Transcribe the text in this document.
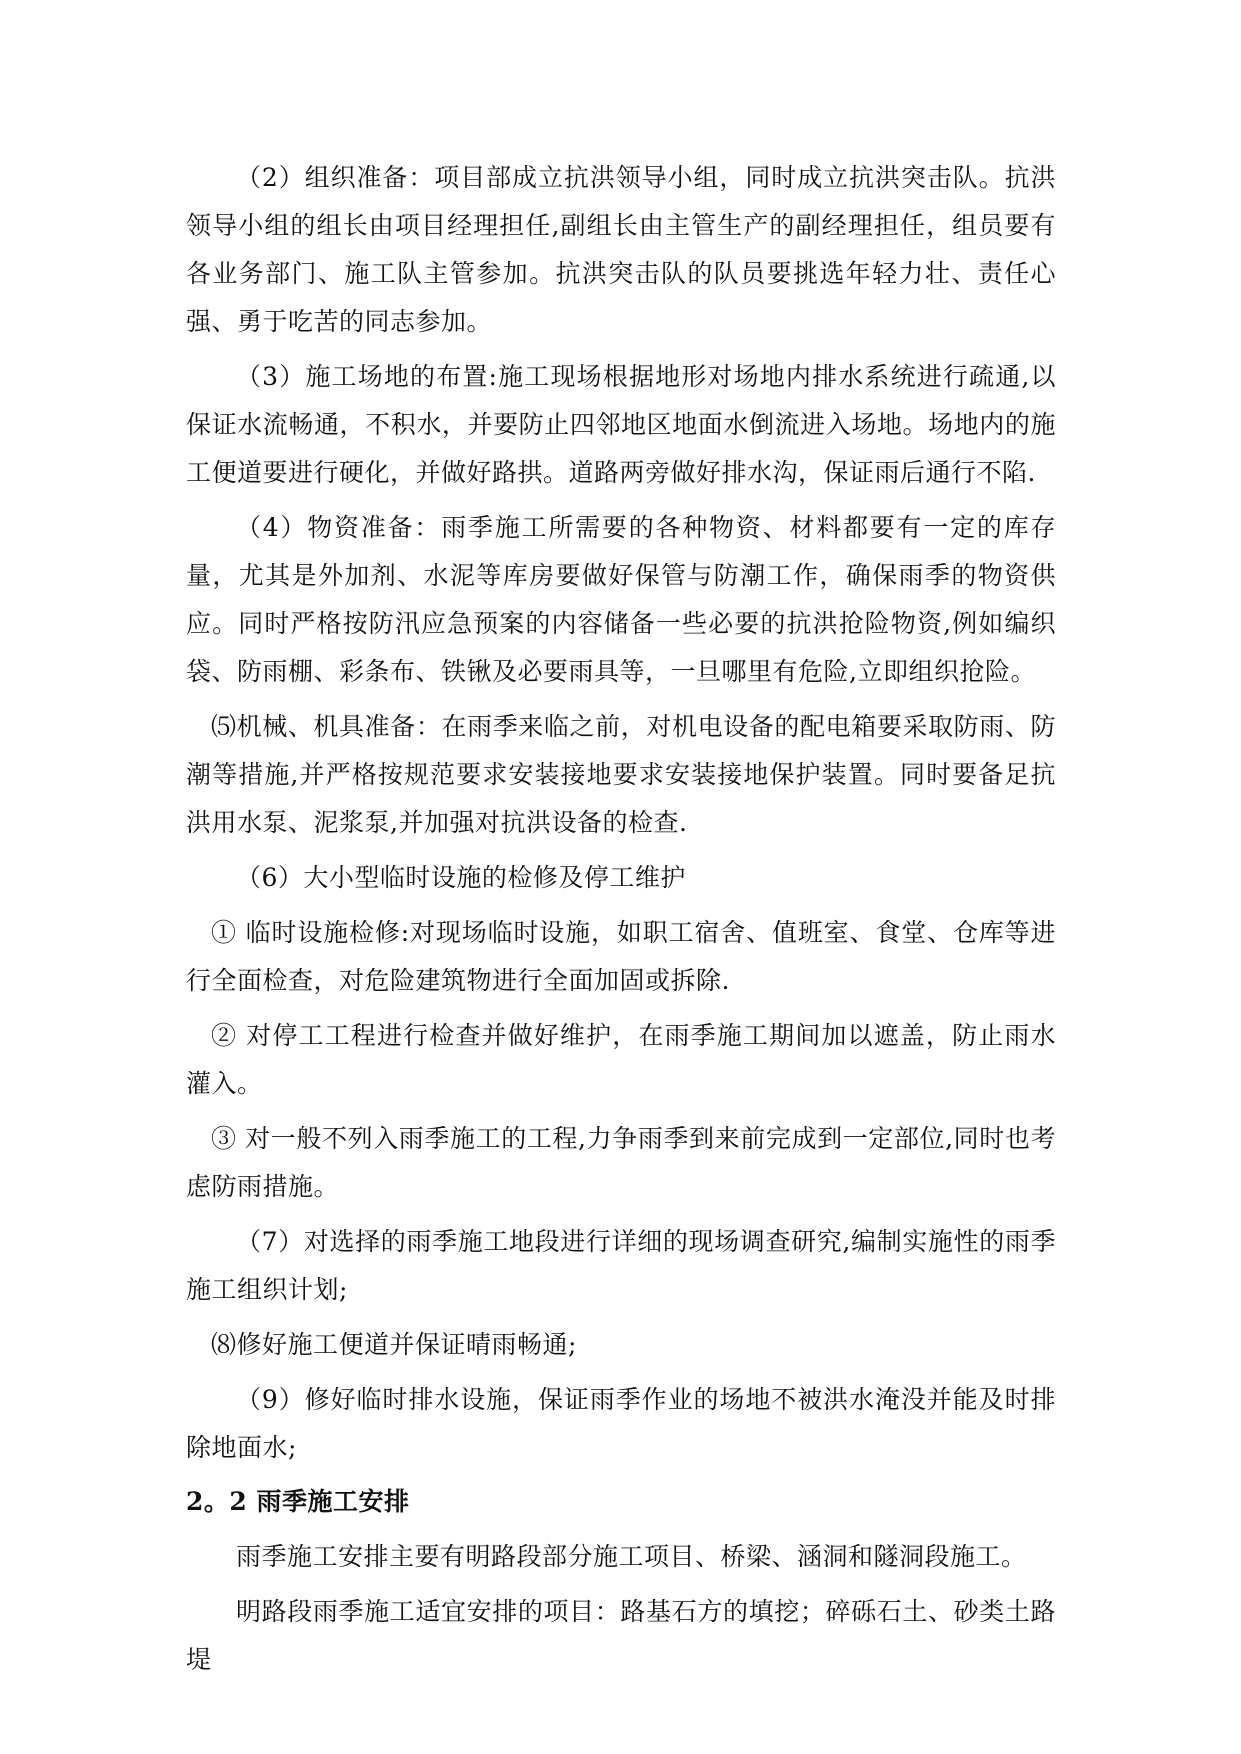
（2）组织准备：项目部成立抗洪领导小组，同时成立抗洪突击队。抗洪领导小组的组长由项目经理担任,副组长由主管生产的副经理担任，组员要有各业务部门、施工队主管参加。抗洪突击队的队员要挑选年轻力壮、责任心强、勇于吃苦的同志参加。

（3）施工场地的布置:施工现场根据地形对场地内排水系统进行疏通,以保证水流畅通，不积水，并要防止四邻地区地面水倒流进入场地。场地内的施工便道要进行硬化，并做好路拱。道路两旁做好排水沟，保证雨后通行不陷.

（4）物资准备：雨季施工所需要的各种物资、材料都要有一定的库存量，尤其是外加剂、水泥等库房要做好保管与防潮工作，确保雨季的物资供应。同时严格按防汛应急预案的内容储备一些必要的抗洪抢险物资,例如编织袋、防雨棚、彩条布、铁锹及必要雨具等，一旦哪里有危险,立即组织抢险。

⑸机械、机具准备：在雨季来临之前，对机电设备的配电箱要采取防雨、防潮等措施,并严格按规范要求安装接地要求安装接地保护装置。同时要备足抗洪用水泵、泥浆泵,并加强对抗洪设备的检查.

（6）大小型临时设施的检修及停工维护

① 临时设施检修:对现场临时设施，如职工宿舍、值班室、食堂、仓库等进行全面检查，对危险建筑物进行全面加固或拆除.

② 对停工工程进行检查并做好维护，在雨季施工期间加以遮盖，防止雨水灌入。

③ 对一般不列入雨季施工的工程,力争雨季到来前完成到一定部位,同时也考虑防雨措施。

（7）对选择的雨季施工地段进行详细的现场调查研究,编制实施性的雨季施工组织计划;

⑻修好施工便道并保证晴雨畅通;

（9）修好临时排水设施，保证雨季作业的场地不被洪水淹没并能及时排除地面水;

2。2 雨季施工安排

雨季施工安排主要有明路段部分施工项目、桥梁、涵洞和隧洞段施工。

明路段雨季施工适宜安排的项目：路基石方的填挖；碎砾石土、砂类土路堤
